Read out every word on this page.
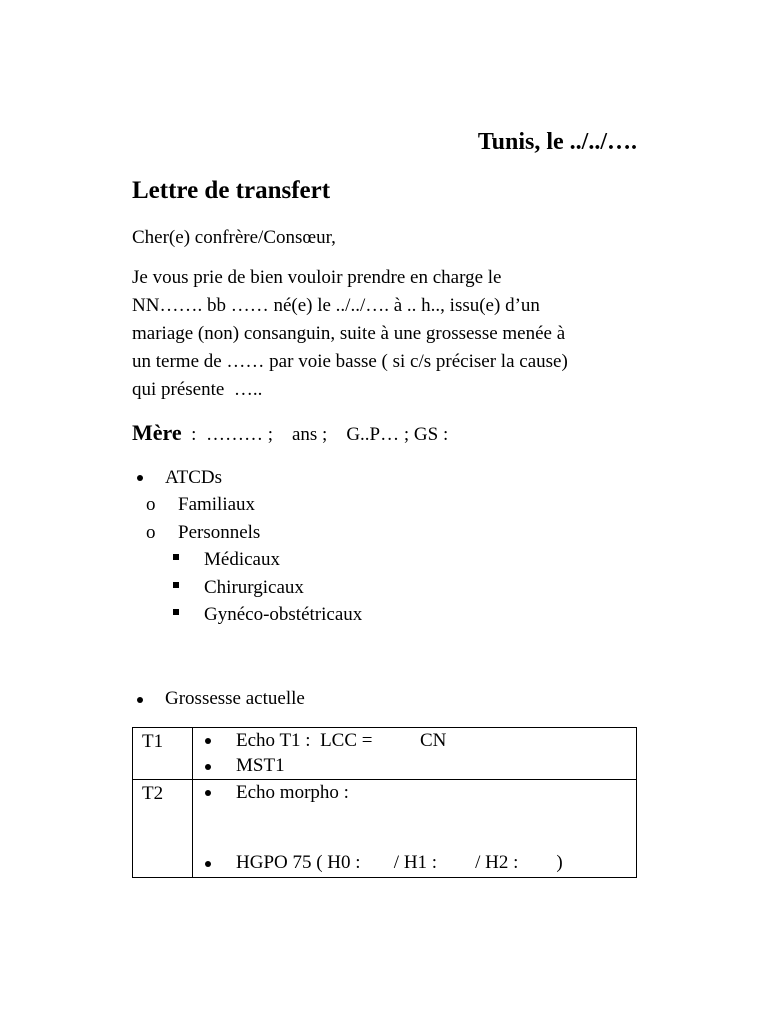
Tunis, le ../../….
Lettre de transfert
Cher(e) confrère/Consœur,
Je vous prie de bien vouloir prendre en charge le
NN……. bb …… né(e) le ../../…. à .. h.., issu(e) d’un
mariage (non) consanguin, suite à une grossesse menée à
un terme de …… par voie basse ( si c/s préciser la cause)
qui présente  …..
Mère  :  ……… ;    ans ;    G..P… ; GS :
ATCDs
o Familiaux
o Personnels
Médicaux
Chirurgicaux
Gynéco-obstétricaux
Grossesse actuelle
T1	Echo T1 :  LCC =          CN

MST1

T2	Echo morpho :

HGPO 75 ( H0 :       / H1 :        / H2 :        )
